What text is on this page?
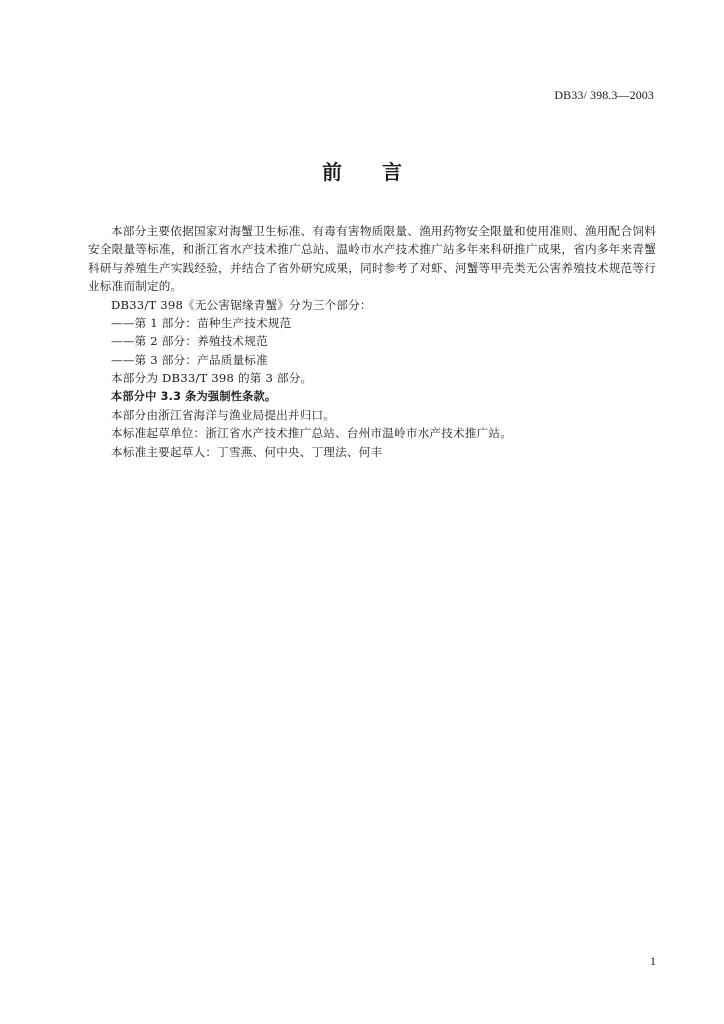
DB33/ 398.3—2003
前言

本部分主要依据国家对海蟹卫生标准、有毒有害物质限量、渔用药物安全限量和使用准则、渔用配合饲料安全限量等标准，和浙江省水产技术推广总站、温岭市水产技术推广站多年来科研推广成果，省内多年来青蟹科研与养殖生产实践经验，并结合了省外研究成果，同时参考了对虾、河蟹等甲壳类无公害养殖技术规范等行业标准而制定的。

DB33/T 398《无公害锯缘青蟹》分为三个部分：

——第 1 部分：苗种生产技术规范

——第 2 部分：养殖技术规范

——第 3 部分：产品质量标准

本部分为 DB33/T 398 的第 3 部分。

本部分中 3.3 条为强制性条款。

本部分由浙江省海洋与渔业局提出并归口。

本标准起草单位：浙江省水产技术推广总站、台州市温岭市水产技术推广站。

本标准主要起草人：丁雪燕、何中央、丁理法、何丰

1
